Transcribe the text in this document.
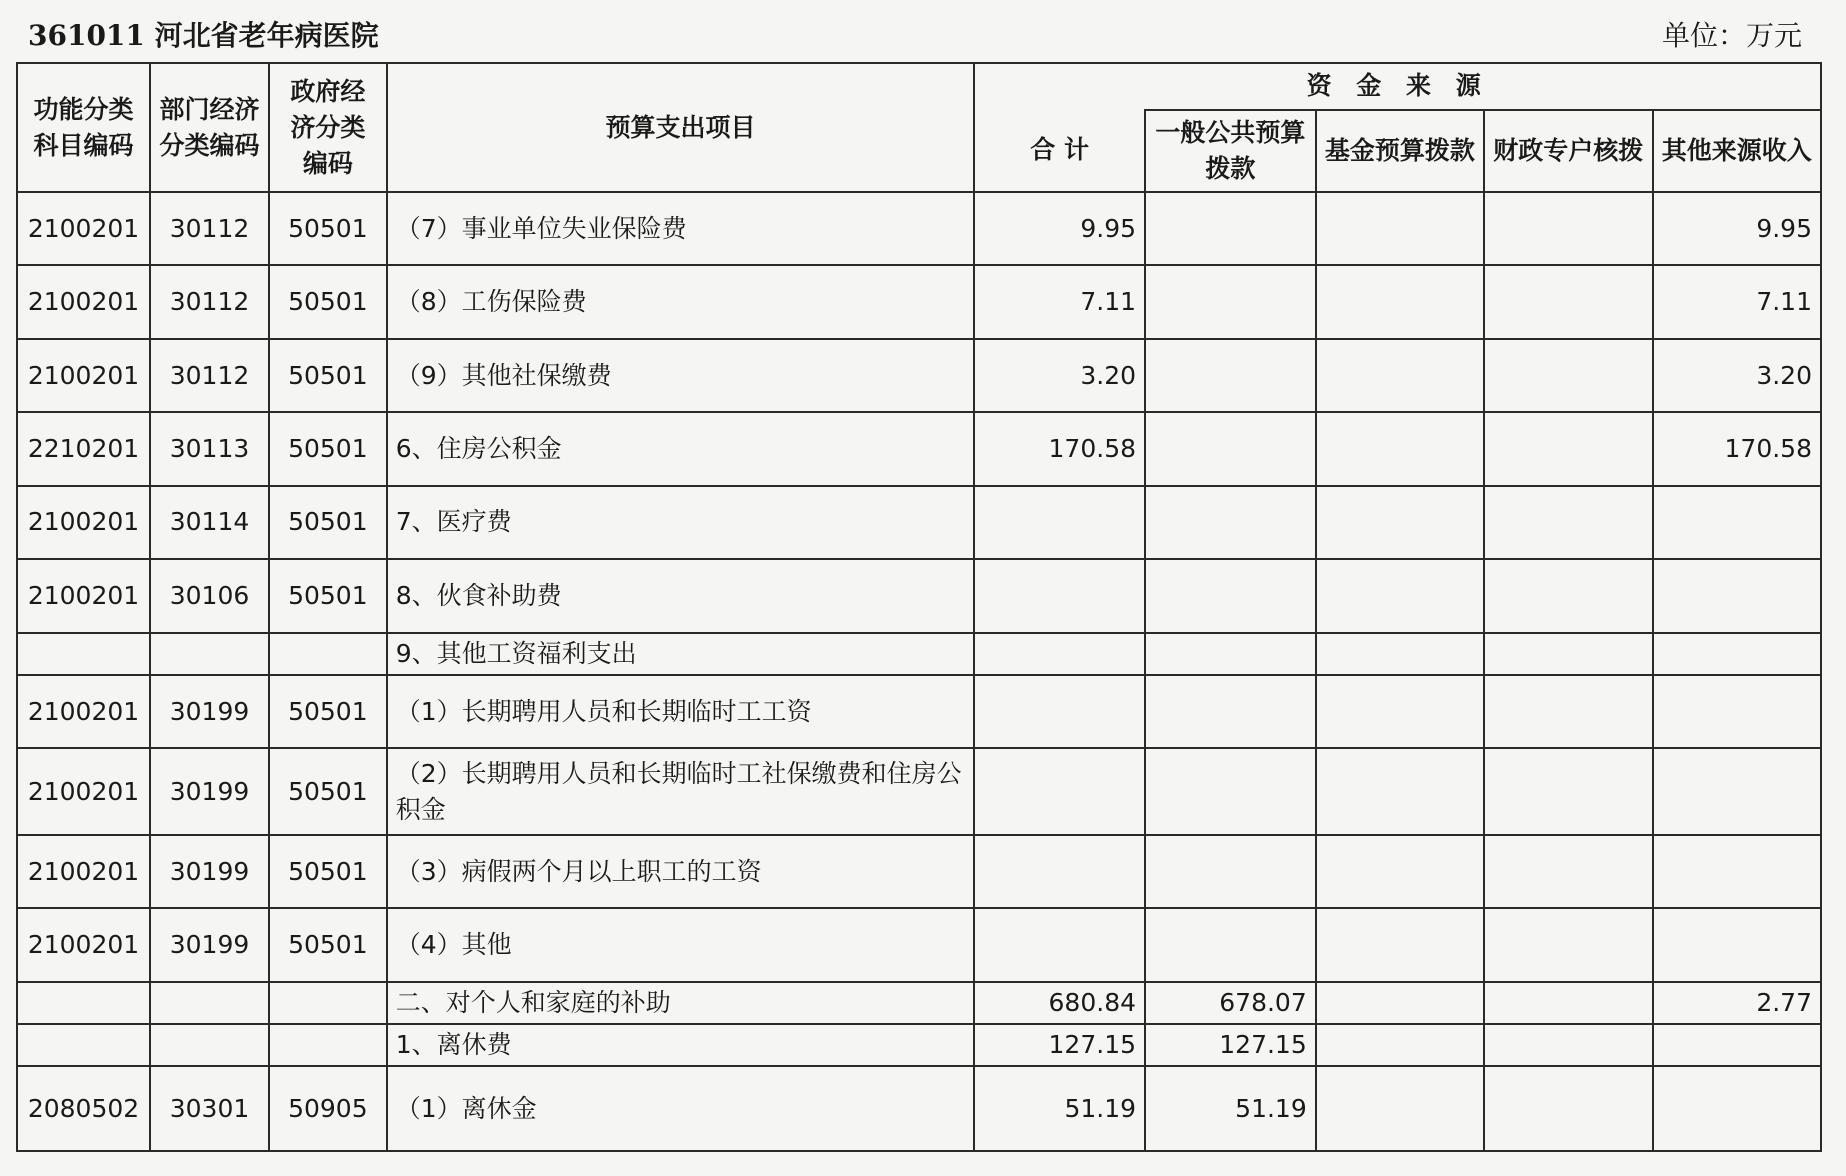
361011 河北省老年病医院	单位：万元
功能分类科目编码	部门经济分类编码	政府经济分类编码	预算支出项目	资 金 来 源				
				合 计	一般公共预算拨款	基金预算拨款	财政专户核拨	其他来源收入
2100201	30112	50501	（7）事业单位失业保险费	9.95				9.95
2100201	30112	50501	（8）工伤保险费	7.11				7.11
2100201	30112	50501	（9）其他社保缴费	3.20				3.20
2210201	30113	50501	6、住房公积金	170.58				170.58
2100201	30114	50501	7、医疗费					
2100201	30106	50501	8、伙食补助费					
			9、其他工资福利支出					
2100201	30199	50501	（1）长期聘用人员和长期临时工工资					
2100201	30199	50501	（2）长期聘用人员和长期临时工社保缴费和住房公积金					
2100201	30199	50501	（3）病假两个月以上职工的工资					
2100201	30199	50501	（4）其他					
			二、对个人和家庭的补助	680.84	678.07			2.77
			1、离休费	127.15	127.15			
2080502	30301	50905	（1）离休金	51.19	51.19			
